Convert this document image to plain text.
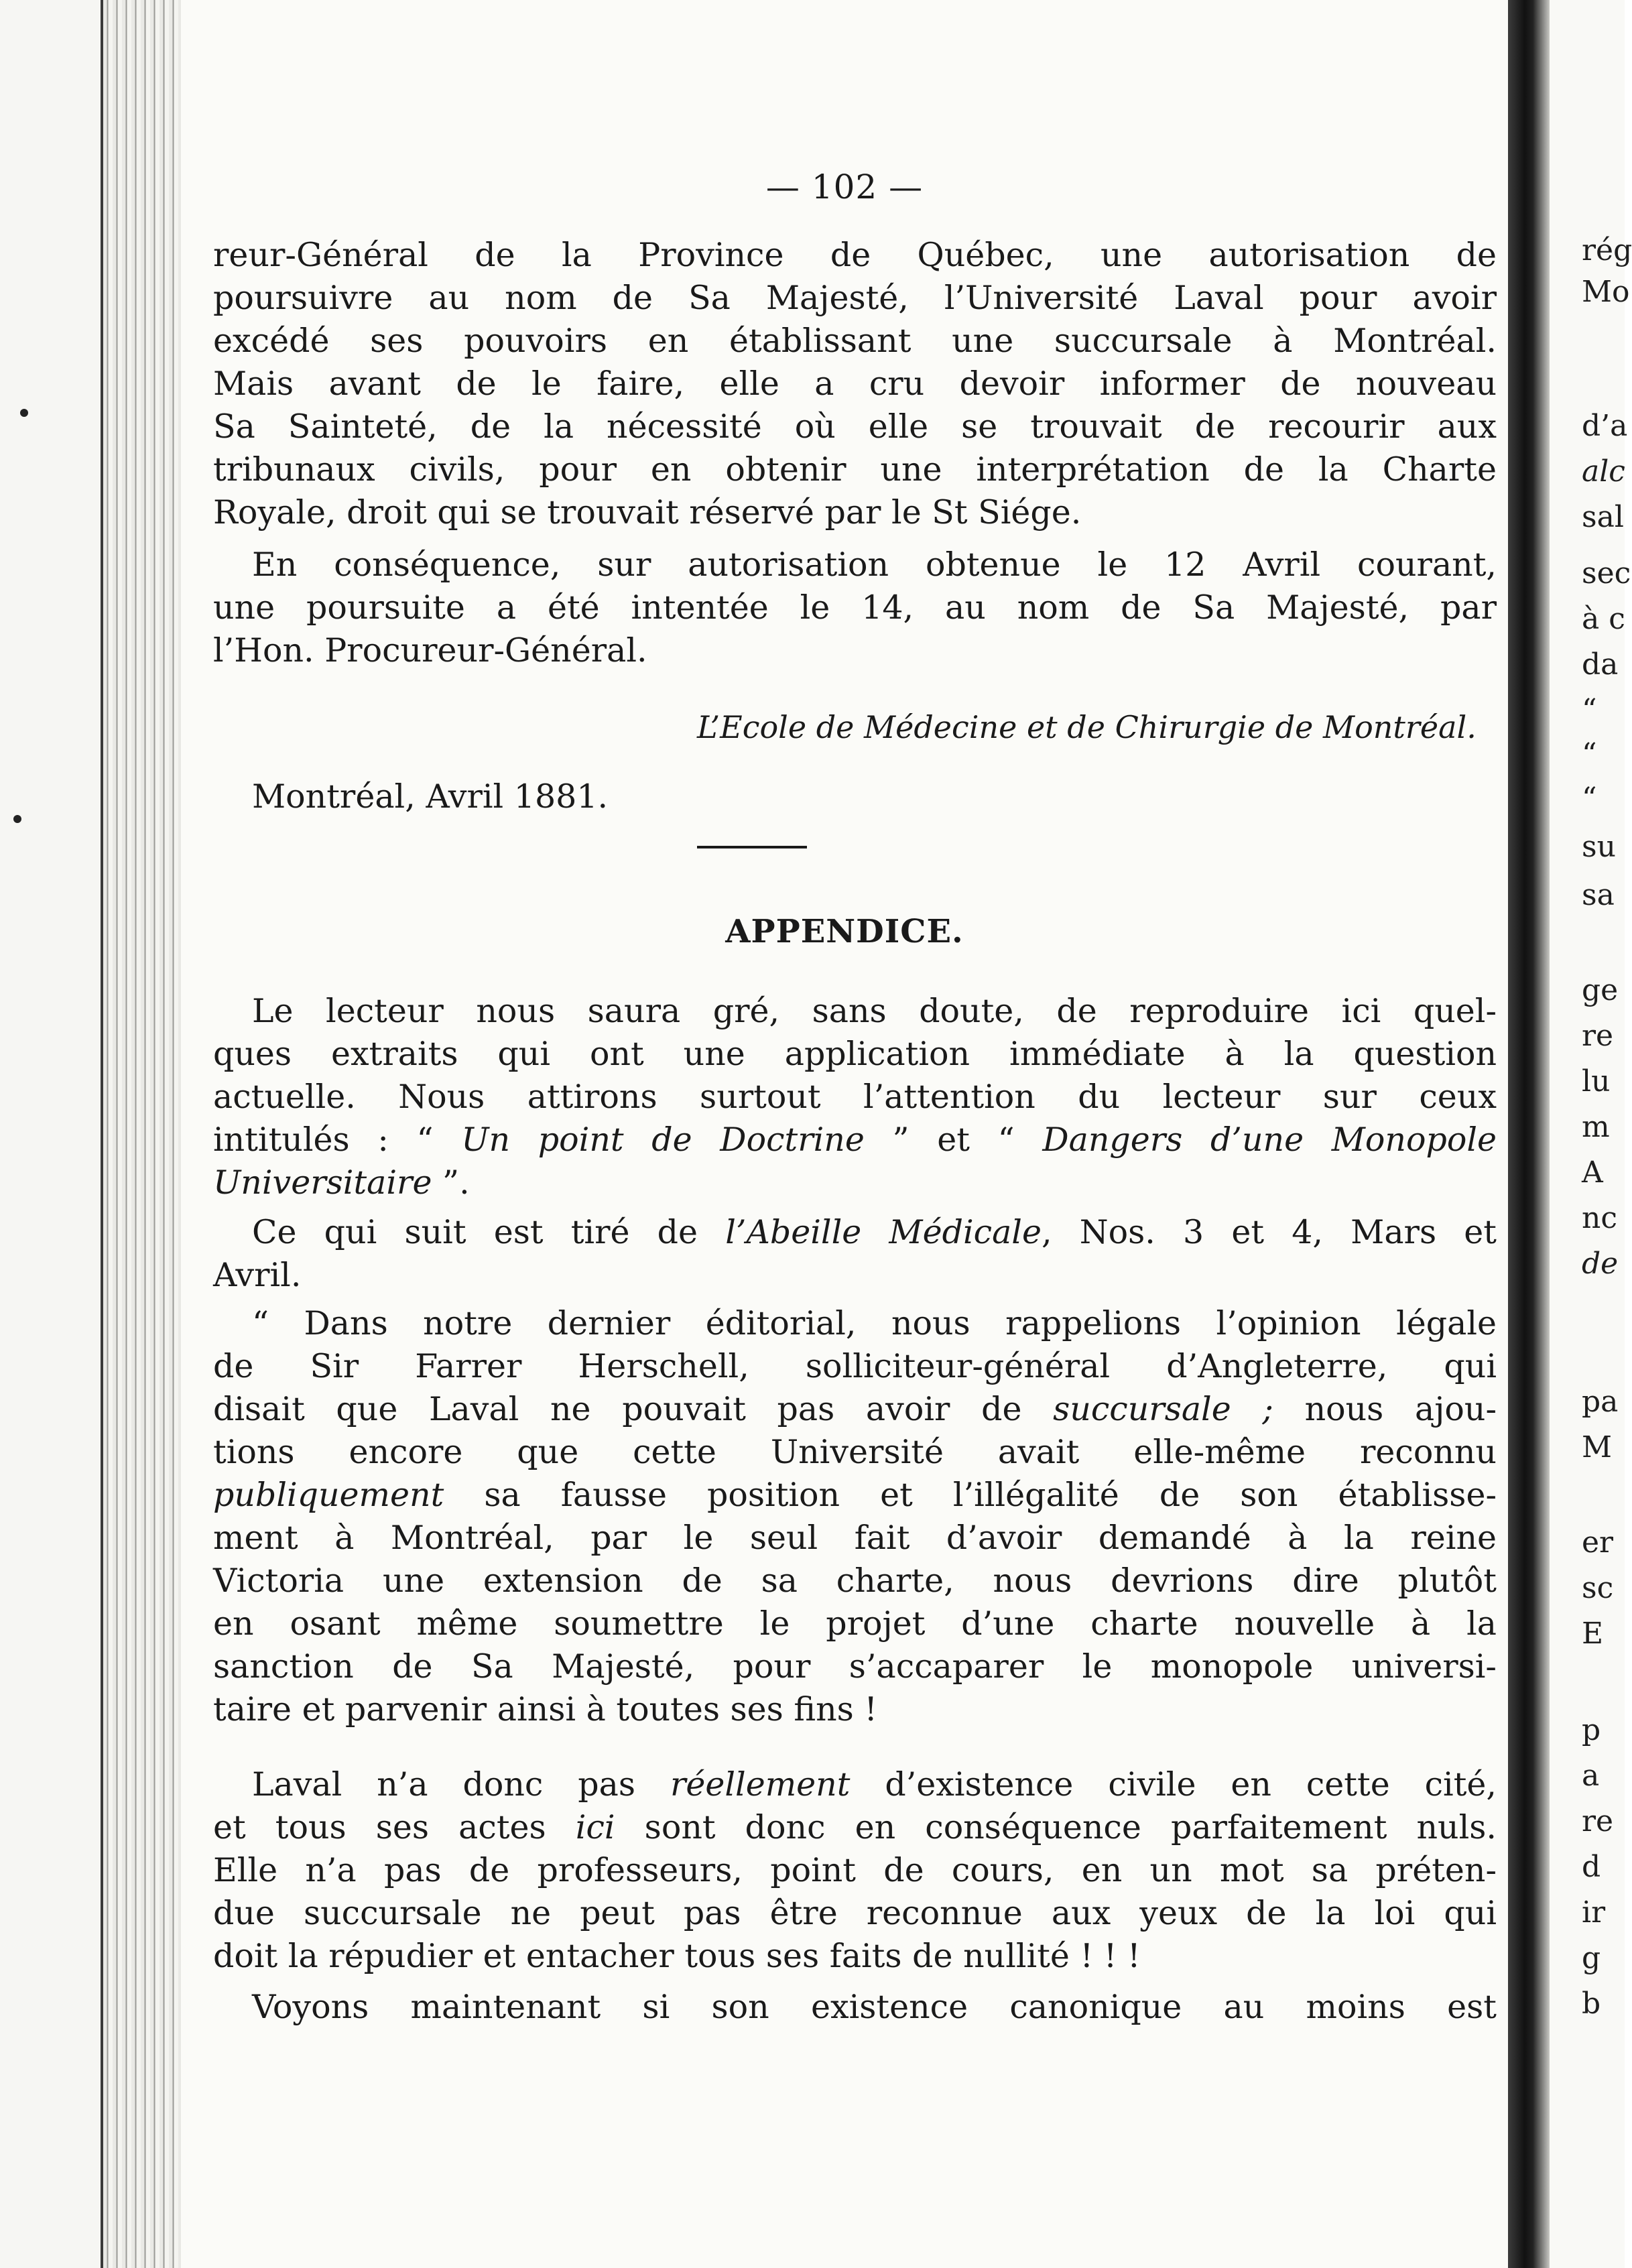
— 102 —
reur-Général de la Province de Québec, une autorisation de
poursuivre au nom de Sa Majesté, l’Université Laval pour avoir
excédé ses pouvoirs en établissant une succursale à Montréal.
Mais avant de le faire, elle a cru devoir informer de nouveau
Sa Sainteté, de la nécessité où elle se trouvait de recourir aux
tribunaux civils, pour en obtenir une interprétation de la Charte
Royale, droit qui se trouvait réservé par le St Siége.
En conséquence, sur autorisation obtenue le 12 Avril courant,
une poursuite a été intentée le 14, au nom de Sa Majesté, par
l’Hon. Procureur-Général.
L’Ecole de Médecine et de Chirurgie de Montréal.
Montréal, Avril 1881.
APPENDICE.
Le lecteur nous saura gré, sans doute, de reproduire ici quel-
ques extraits qui ont une application immédiate à la question
actuelle. Nous attirons surtout l’attention du lecteur sur ceux
intitulés : “ Un point de Doctrine ” et “ Dangers d’une Monopole
Universitaire ”.
Ce qui suit est tiré de l’Abeille Médicale, Nos. 3 et 4, Mars et
Avril.
“ Dans notre dernier éditorial, nous rappelions l’opinion légale
de Sir Farrer Herschell, solliciteur-général d’Angleterre, qui
disait que Laval ne pouvait pas avoir de succursale ; nous ajou-
tions encore que cette Université avait elle-même reconnu
publiquement sa fausse position et l’illégalité de son établisse-
ment à Montréal, par le seul fait d’avoir demandé à la reine
Victoria une extension de sa charte, nous devrions dire plutôt
en osant même soumettre le projet d’une charte nouvelle à la
sanction de Sa Majesté, pour s’accaparer le monopole universi-
taire et parvenir ainsi à toutes ses fins !
Laval n’a donc pas réellement d’existence civile en cette cité,
et tous ses actes ici sont donc en conséquence parfaitement nuls.
Elle n’a pas de professeurs, point de cours, en un mot sa préten-
due succursale ne peut pas être reconnue aux yeux de la loi qui
doit la répudier et entacher tous ses faits de nullité ! ! !
Voyons maintenant si son existence canonique au moins est
rég
Mo
d’a
alc
sal
sec
à c
da
“
“
“
su
sa
ge
re
lu
m
A
nc
de
pa
M
er
sc
E
p
a
re
d
ir
g
b
